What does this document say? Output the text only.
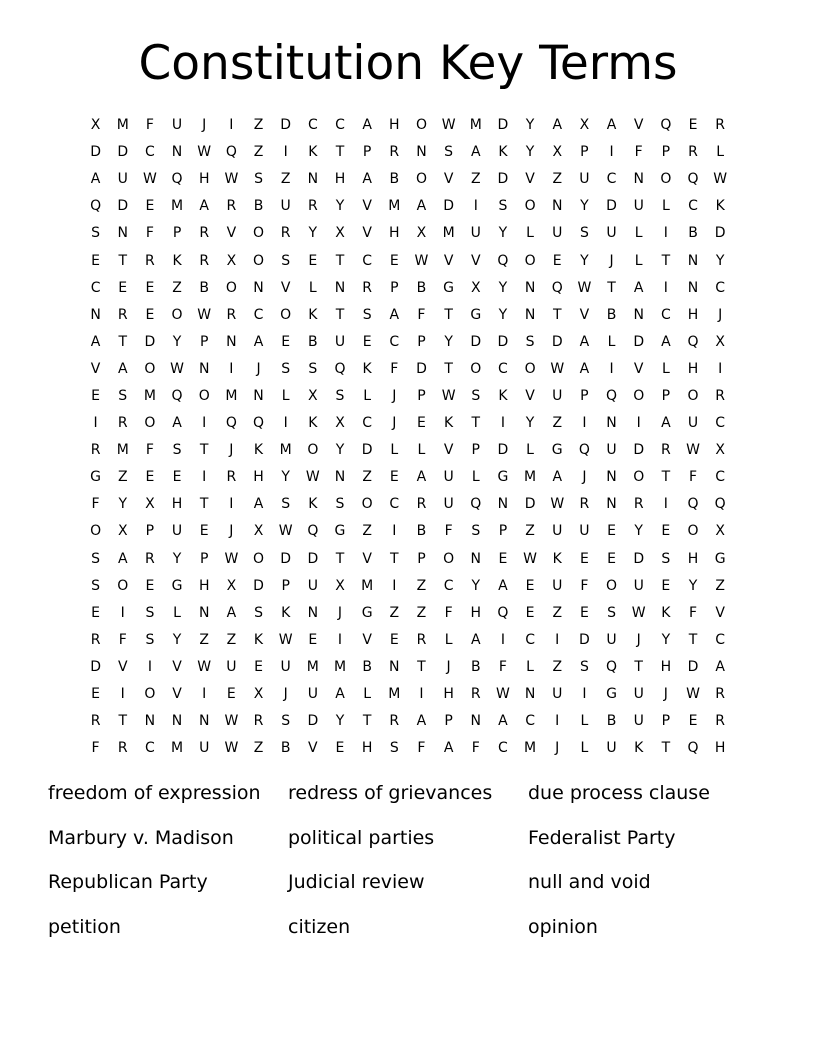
Constitution Key Terms
X	M	F	U	J	I	Z	D	C	C	A	H	O	W	M	D	Y	A	X	A	V	Q	E	R
D	D	C	N	W	Q	Z	I	K	T	P	R	N	S	A	K	Y	X	P	I	F	P	R	L
A	U	W	Q	H	W	S	Z	N	H	A	B	O	V	Z	D	V	Z	U	C	N	O	Q	W
Q	D	E	M	A	R	B	U	R	Y	V	M	A	D	I	S	O	N	Y	D	U	L	C	K
S	N	F	P	R	V	O	R	Y	X	V	H	X	M	U	Y	L	U	S	U	L	I	B	D
E	T	R	K	R	X	O	S	E	T	C	E	W	V	V	Q	O	E	Y	J	L	T	N	Y
C	E	E	Z	B	O	N	V	L	N	R	P	B	G	X	Y	N	Q	W	T	A	I	N	C
N	R	E	O	W	R	C	O	K	T	S	A	F	T	G	Y	N	T	V	B	N	C	H	J
A	T	D	Y	P	N	A	E	B	U	E	C	P	Y	D	D	S	D	A	L	D	A	Q	X
V	A	O	W	N	I	J	S	S	Q	K	F	D	T	O	C	O	W	A	I	V	L	H	I
E	S	M	Q	O	M	N	L	X	S	L	J	P	W	S	K	V	U	P	Q	O	P	O	R
I	R	O	A	I	Q	Q	I	K	X	C	J	E	K	T	I	Y	Z	I	N	I	A	U	C
R	M	F	S	T	J	K	M	O	Y	D	L	L	V	P	D	L	G	Q	U	D	R	W	X
G	Z	E	E	I	R	H	Y	W	N	Z	E	A	U	L	G	M	A	J	N	O	T	F	C
F	Y	X	H	T	I	A	S	K	S	O	C	R	U	Q	N	D	W	R	N	R	I	Q	Q
O	X	P	U	E	J	X	W	Q	G	Z	I	B	F	S	P	Z	U	U	E	Y	E	O	X
S	A	R	Y	P	W	O	D	D	T	V	T	P	O	N	E	W	K	E	E	D	S	H	G
S	O	E	G	H	X	D	P	U	X	M	I	Z	C	Y	A	E	U	F	O	U	E	Y	Z
E	I	S	L	N	A	S	K	N	J	G	Z	Z	F	H	Q	E	Z	E	S	W	K	F	V
R	F	S	Y	Z	Z	K	W	E	I	V	E	R	L	A	I	C	I	D	U	J	Y	T	C
D	V	I	V	W	U	E	U	M	M	B	N	T	J	B	F	L	Z	S	Q	T	H	D	A
E	I	O	V	I	E	X	J	U	A	L	M	I	H	R	W	N	U	I	G	U	J	W	R
R	T	N	N	N	W	R	S	D	Y	T	R	A	P	N	A	C	I	L	B	U	P	E	R
F	R	C	M	U	W	Z	B	V	E	H	S	F	A	F	C	M	J	L	U	K	T	Q	H
freedom of expression	redress of grievances	due process clause
Marbury v. Madison	political parties	Federalist Party
Republican Party	Judicial review	null and void
petition	citizen	opinion
